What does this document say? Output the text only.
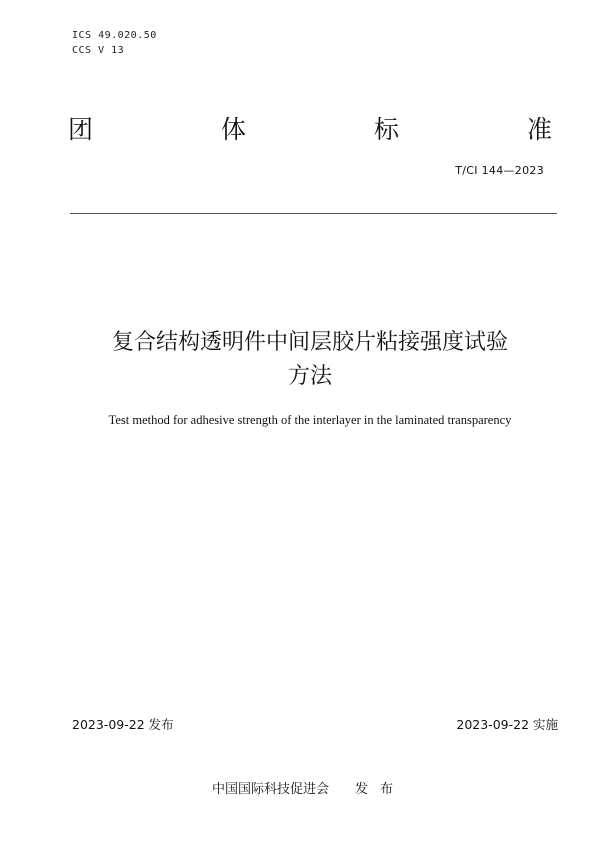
ICS 49.020.50
CCS V 13
团	体	标	准
T/CI 144—2023
复合结构透明件中间层胶片粘接强度试验
方法
Test method for adhesive strength of the interlayer in the laminated transparency
2023-09-22 发布	2023-09-22 实施
中国国际科技促进会 发布
